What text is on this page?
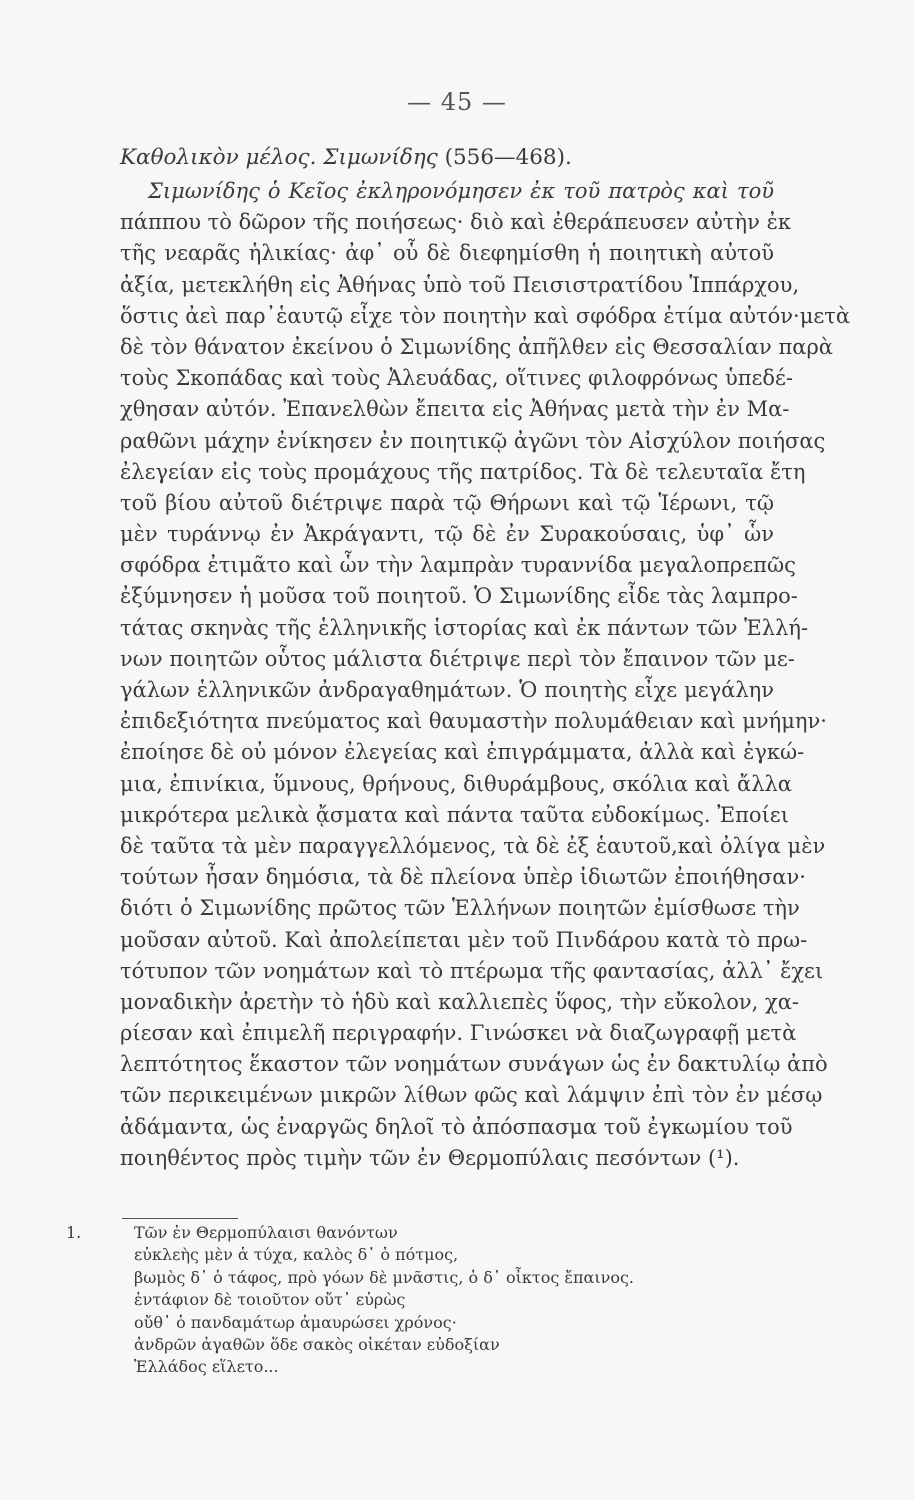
— 45 —
Καθολικὸν μέλος. Σιμωνίδης (556—468).
Σιμωνίδης ὁ Κεῖος ἐκληρονόμησεν ἐκ τοῦ πατρὸς καὶ τοῦ
πάππου τὸ δῶρον τῆς ποιήσεως· διὸ καὶ ἐθεράπευσεν αὐτὴν ἐκ
τῆς νεαρᾶς ἡλικίας· ἀφ᾽ οὗ δὲ διεφημίσθη ἡ ποιητικὴ αὐτοῦ
ἀξία, μετεκλήθη εἰς Ἀθήνας ὑπὸ τοῦ Πεισιστρατίδου Ἱππάρχου,
ὅστις ἀεὶ παρ᾽ἑαυτῷ εἶχε τὸν ποιητὴν καὶ σφόδρα ἐτίμα αὐτόν·μετὰ
δὲ τὸν θάνατον ἐκείνου ὁ Σιμωνίδης ἀπῆλθεν εἰς Θεσσαλίαν παρὰ
τοὺς Σκοπάδας καὶ τοὺς Ἀλευάδας, οἵτινες φιλοφρόνως ὑπεδέ-
χθησαν αὐτόν. Ἐπανελθὼν ἔπειτα εἰς Ἀθήνας μετὰ τὴν ἐν Μα-
ραθῶνι μάχην ἐνίκησεν ἐν ποιητικῷ ἀγῶνι τὸν Αἰσχύλον ποιήσας
ἐλεγείαν εἰς τοὺς προμάχους τῆς πατρίδος. Τὰ δὲ τελευταῖα ἔτη
τοῦ βίου αὐτοῦ διέτριψε παρὰ τῷ Θήρωνι καὶ τῷ Ἱέρωνι, τῷ
μὲν τυράννῳ ἐν Ἀκράγαντι, τῷ δὲ ἐν Συρακούσαις, ὑφ᾽ ὧν
σφόδρα ἐτιμᾶτο καὶ ὧν τὴν λαμπρὰν τυραννίδα μεγαλοπρεπῶς
ἐξύμνησεν ἡ μοῦσα τοῦ ποιητοῦ. Ὁ Σιμωνίδης εἶδε τὰς λαμπρο-
τάτας σκηνὰς τῆς ἑλληνικῆς ἱστορίας καὶ ἐκ πάντων τῶν Ἑλλή-
νων ποιητῶν οὗτος μάλιστα διέτριψε περὶ τὸν ἔπαινον τῶν με-
γάλων ἑλληνικῶν ἀνδραγαθημάτων. Ὁ ποιητὴς εἶχε μεγάλην
ἐπιδεξιότητα πνεύματος καὶ θαυμαστὴν πολυμάθειαν καὶ μνήμην·
ἐποίησε δὲ οὐ μόνον ἐλεγείας καὶ ἐπιγράμματα, ἀλλὰ καὶ ἐγκώ-
μια, ἐπινίκια, ὕμνους, θρήνους, διθυράμβους, σκόλια καὶ ἄλλα
μικρότερα μελικὰ ᾄσματα καὶ πάντα ταῦτα εὐδοκίμως. Ἐποίει
δὲ ταῦτα τὰ μὲν παραγγελλόμενος, τὰ δὲ ἐξ ἑαυτοῦ,καὶ ὀλίγα μὲν
τούτων ἦσαν δημόσια, τὰ δὲ πλείονα ὑπὲρ ἰδιωτῶν ἐποιήθησαν·
διότι ὁ Σιμωνίδης πρῶτος τῶν Ἑλλήνων ποιητῶν ἐμίσθωσε τὴν
μοῦσαν αὐτοῦ. Καὶ ἀπολείπεται μὲν τοῦ Πινδάρου κατὰ τὸ πρω-
τότυπον τῶν νοημάτων καὶ τὸ πτέρωμα τῆς φαντασίας, ἀλλ᾽ ἔχει
μοναδικὴν ἀρετὴν τὸ ἡδὺ καὶ καλλιεπὲς ὕφος, τὴν εὔκολον, χα-
ρίεσαν καὶ ἐπιμελῆ περιγραφήν. Γινώσκει νὰ διαζωγραφῇ μετὰ
λεπτότητος ἕκαστον τῶν νοημάτων συνάγων ὡς ἐν δακτυλίῳ ἀπὸ
τῶν περικειμένων μικρῶν λίθων φῶς καὶ λάμψιν ἐπὶ τὸν ἐν μέσῳ
ἀδάμαντα, ὡς ἐναργῶς δηλοῖ τὸ ἀπόσπασμα τοῦ ἐγκωμίου τοῦ
ποιηθέντος πρὸς τιμὴν τῶν ἐν Θερμοπύλαις πεσόντων (¹).
1.	Τῶν ἐν Θερμοπύλαισι θανόντων
εὐκλεὴς μὲν ἁ τύχα, καλὸς δ᾽ ὁ πότμος,
βωμὸς δ᾽ ὁ τάφος, πρὸ γόων δὲ μνᾶστις, ὁ δ᾽ οἶκτος ἔπαινος.
ἐντάφιον δὲ τοιοῦτον οὔτ᾽ εὐρὼς
οὔθ᾽ ὁ πανδαμάτωρ ἀμαυρώσει χρόνος·
ἀνδρῶν ἀγαθῶν ὅδε σακὸς οἰκέταν εὐδοξίαν
Ἑλλάδος εἵλετο...
